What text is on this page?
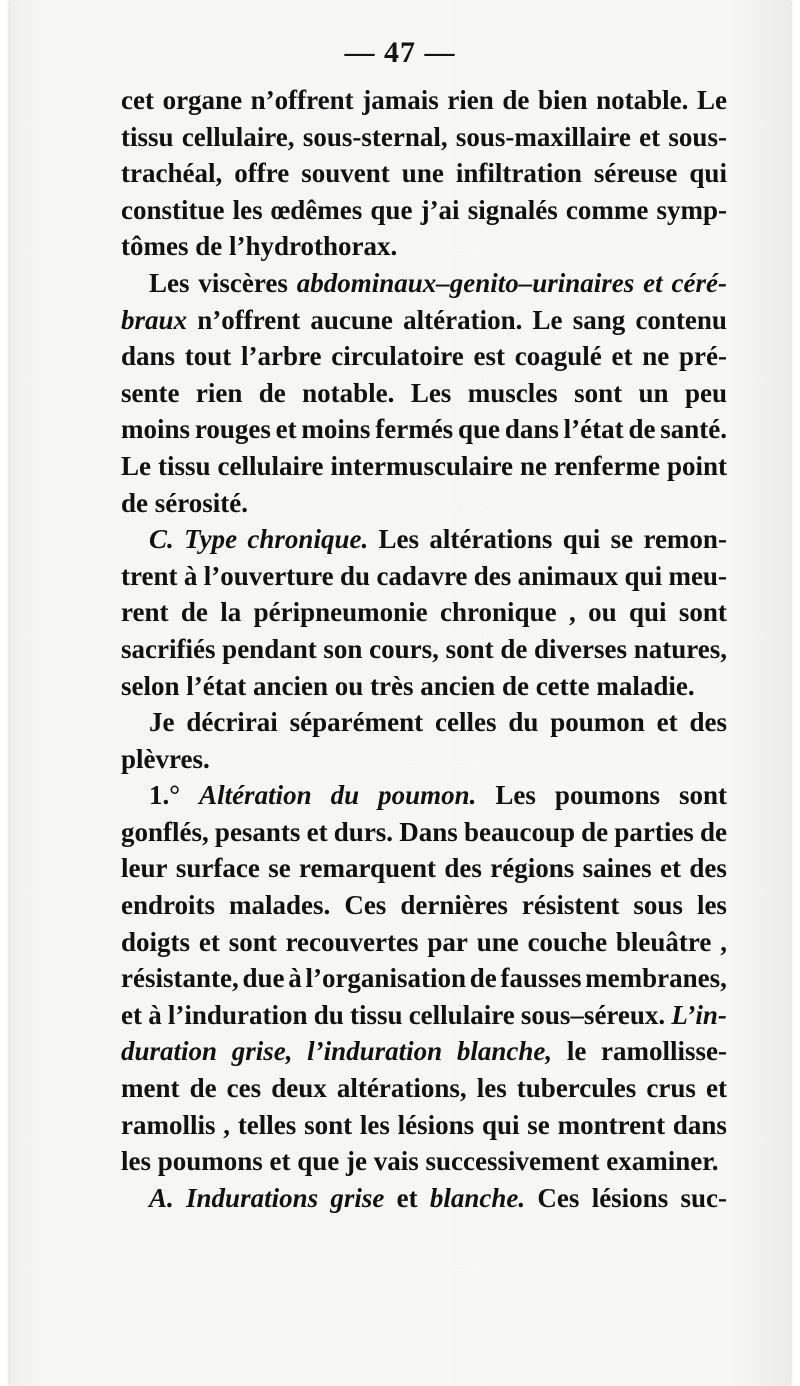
— 47 —
cet organe n’offrent jamais rien de bien notable. Le
tissu cellulaire, sous-sternal, sous-maxillaire et sous-
trachéal, offre souvent une infiltration séreuse qui
constitue les œdêmes que j’ai signalés comme symp-
tômes de l’hydrothorax.
Les viscères abdominaux–genito–urinaires et céré-
braux n’offrent aucune altération. Le sang contenu
dans tout l’arbre circulatoire est coagulé et ne pré-
sente rien de notable. Les muscles sont un peu
moins rouges et moins fermés que dans l’état de santé.
Le tissu cellulaire intermusculaire ne renferme point
de sérosité.
C. Type chronique. Les altérations qui se remon-
trent à l’ouverture du cadavre des animaux qui meu-
rent de la péripneumonie chronique , ou qui sont
sacrifiés pendant son cours, sont de diverses natures,
selon l’état ancien ou très ancien de cette maladie.
Je décrirai séparément celles du poumon et des
plèvres.
1.° Altération du poumon. Les poumons sont
gonflés, pesants et durs. Dans beaucoup de parties de
leur surface se remarquent des régions saines et des
endroits malades. Ces dernières résistent sous les
doigts et sont recouvertes par une couche bleuâtre ,
résistante, due à l’organisation de fausses membranes,
et à l’induration du tissu cellulaire sous–séreux. L’in-
duration grise, l’induration blanche, le ramollisse-
ment de ces deux altérations, les tubercules crus et
ramollis , telles sont les lésions qui se montrent dans
les poumons et que je vais successivement examiner.
A. Indurations grise et blanche. Ces lésions suc-
